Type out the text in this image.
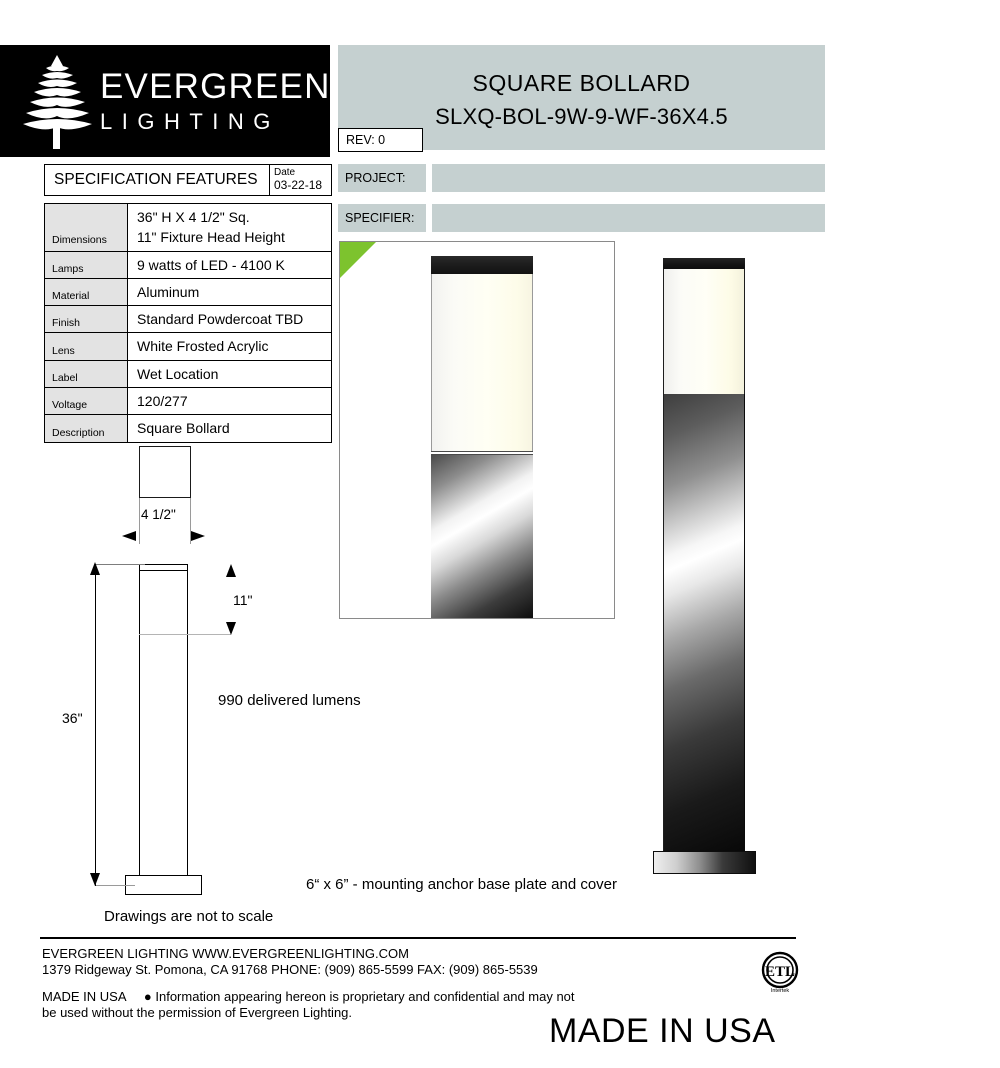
EVERGREEN
LIGHTING
SQUARE BOLLARD
SLXQ-BOL-9W-9-WF-36X4.5
REV: 0
PROJECT:
SPECIFIER:
SPECIFICATION FEATURES	Date
03-22-18
Dimensions	36" H X 4 1/2" Sq.
11" Fixture Head Height
Lamps	9 watts of LED - 4100 K
Material	Aluminum
Finish	Standard Powdercoat TBD
Lens	White Frosted Acrylic
Label	Wet Location
Voltage	120/277
Description	Square Bollard
4 1/2"
36"
11"
990 delivered lumens
6“ x 6” - mounting anchor base plate and cover
Drawings are not to scale
EVERGREEN LIGHTING WWW.EVERGREENLIGHTING.COM
1379 Ridgeway St. Pomona, CA 91768 PHONE: (909) 865-5599 FAX: (909) 865-5539
MADE IN USA ● Information appearing hereon is proprietary and confidential and may not
be used without the permission of Evergreen Lighting.
ETL
Intertek
MADE IN USA
